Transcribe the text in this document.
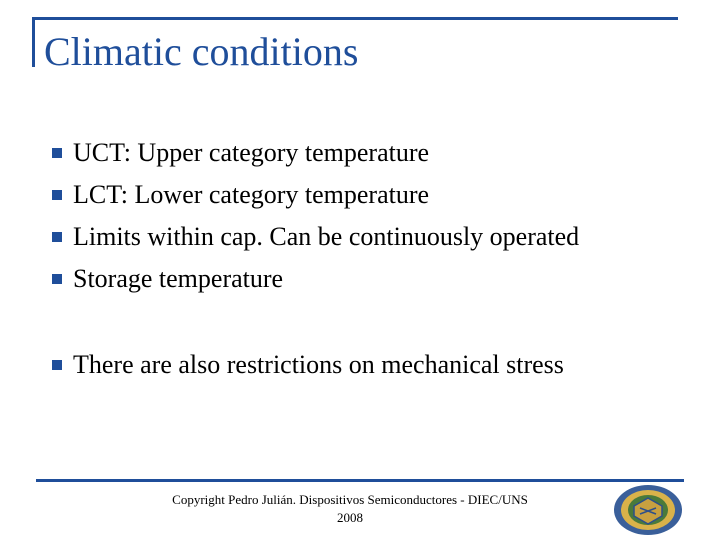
Climatic conditions
UCT: Upper category temperature
LCT: Lower category temperature
Limits within cap. Can be continuously operated
Storage temperature
There are also restrictions on mechanical stress
Copyright Pedro Julián. Dispositivos Semiconductores - DIEC/UNS
2008
